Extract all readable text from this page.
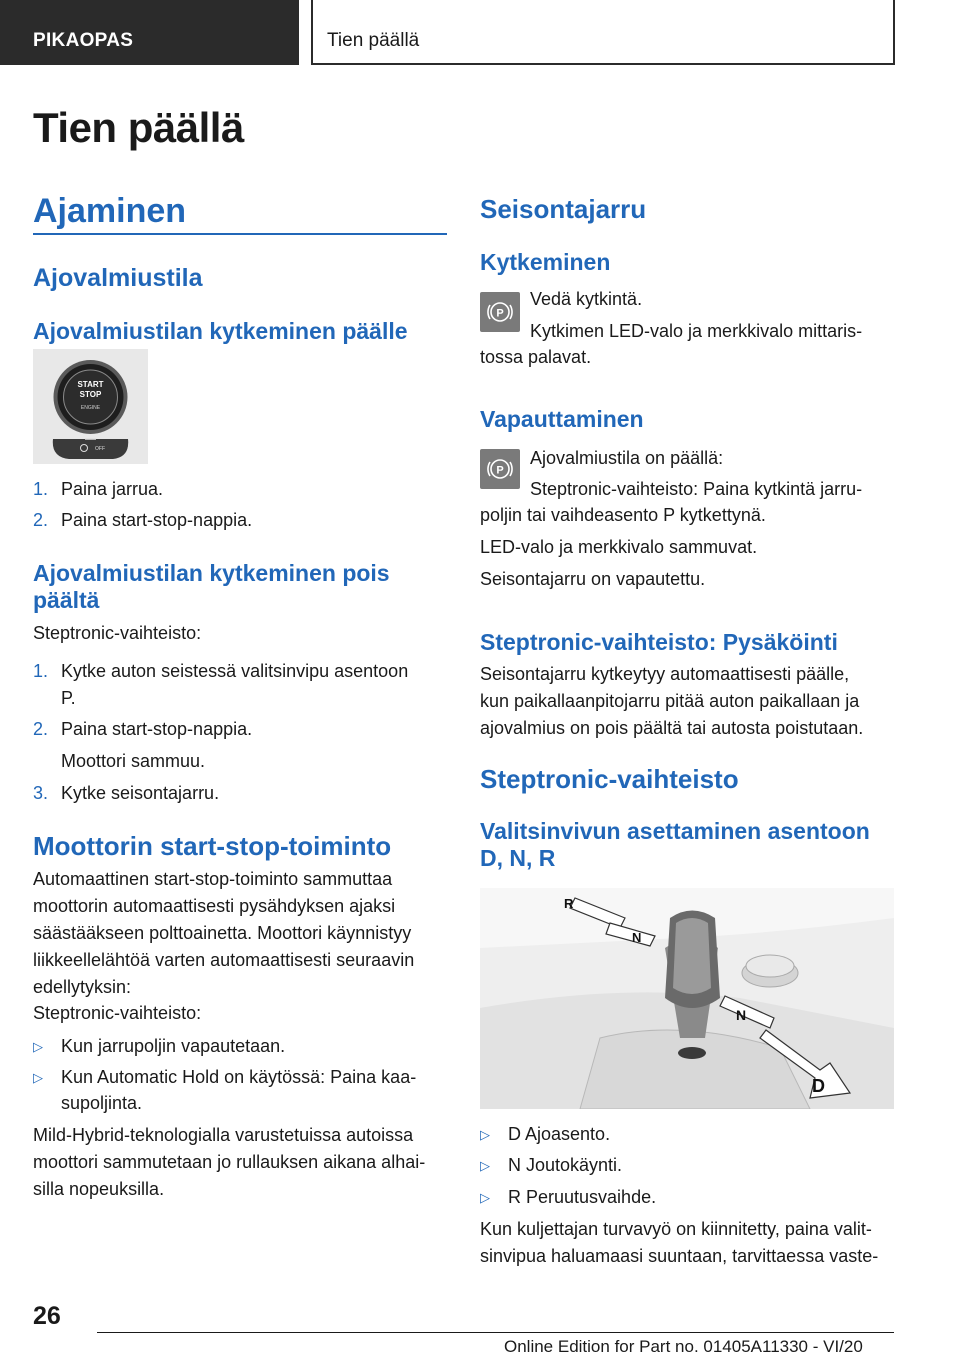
PIKAOPAS	Tien päällä
Tien päällä
Ajaminen
Ajovalmiustila
Ajovalmiustilan kytkeminen päälle
START
STOP
ENGINE
OFF
1. Paina jarrua.
2. Paina start-stop-nappia.
Ajovalmiustilan kytkeminen pois
päältä
Steptronic-vaihteisto:
1. Kytke auton seistessä valitsinvipu asentoon
P.
2. Paina start-stop-nappia.
Moottori sammuu.
3. Kytke seisontajarru.
Moottorin start-stop-toiminto
Automaattinen start-stop-toiminto sammuttaa
moottorin automaattisesti pysähdyksen ajaksi
säästääkseen polttoainetta. Moottori käynnistyy
liikkeellelähtöä varten automaattisesti seuraavin
edellytyksin:
Steptronic-vaihteisto:
▷ Kun jarrupoljin vapautetaan.
▷ Kun Automatic Hold on käytössä: Paina kaa-
supoljinta.
Mild-Hybrid-teknologialla varustetuissa autoissa
moottori sammutetaan jo rullauksen aikana alhai-
silla nopeuksilla.
Seisontajarru
Kytkeminen
P
Vedä kytkintä.
Kytkimen LED-valo ja merkkivalo mittaris-
tossa palavat.
Vapauttaminen
P
Ajovalmiustila on päällä:
Steptronic-vaihteisto: Paina kytkintä jarru-
poljin tai vaihdeasento P kytkettynä.
LED-valo ja merkkivalo sammuvat.
Seisontajarru on vapautettu.
Steptronic-vaihteisto: Pysäköinti
Seisontajarru kytkeytyy automaattisesti päälle,
kun paikallaanpitojarru pitää auton paikallaan ja
ajovalmius on pois päältä tai autosta poistutaan.
Steptronic-vaihteisto
Valitsinvivun asettaminen asentoon
D, N, R
R
N
N
D
▷ D Ajoasento.
▷ N Joutokäynti.
▷ R Peruutusvaihde.
Kun kuljettajan turvavyö on kiinnitetty, paina valit-
sinvipua haluamaasi suuntaan, tarvittaessa vaste-
26
Online Edition for Part no. 01405A11330 - VI/20
